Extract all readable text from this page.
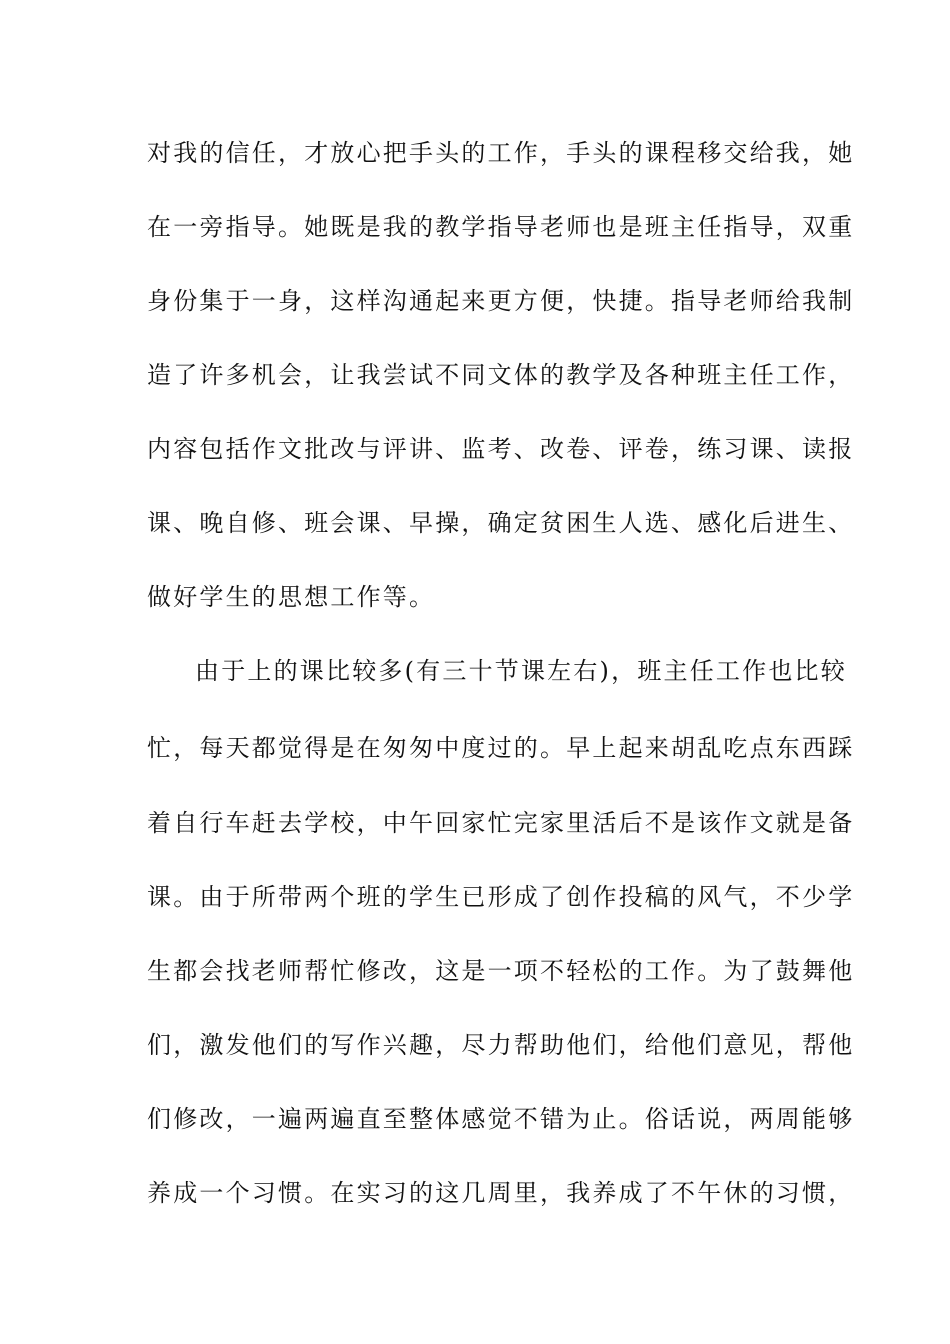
对我的信任，才放心把手头的工作，手头的课程移交给我，她
在一旁指导。她既是我的教学指导老师也是班主任指导，双重
身份集于一身，这样沟通起来更方便，快捷。指导老师给我制
造了许多机会，让我尝试不同文体的教学及各种班主任工作，
内容包括作文批改与评讲、监考、改卷、评卷，练习课、读报
课、晚自修、班会课、早操，确定贫困生人选、感化后进生、
做好学生的思想工作等。
由于上的课比较多(有三十节课左右)，班主任工作也比较
忙，每天都觉得是在匆匆中度过的。早上起来胡乱吃点东西踩
着自行车赶去学校，中午回家忙完家里活后不是该作文就是备
课。由于所带两个班的学生已形成了创作投稿的风气，不少学
生都会找老师帮忙修改，这是一项不轻松的工作。为了鼓舞他
们，激发他们的写作兴趣，尽力帮助他们，给他们意见，帮他
们修改，一遍两遍直至整体感觉不错为止。俗话说，两周能够
养成一个习惯。在实习的这几周里，我养成了不午休的习惯，
